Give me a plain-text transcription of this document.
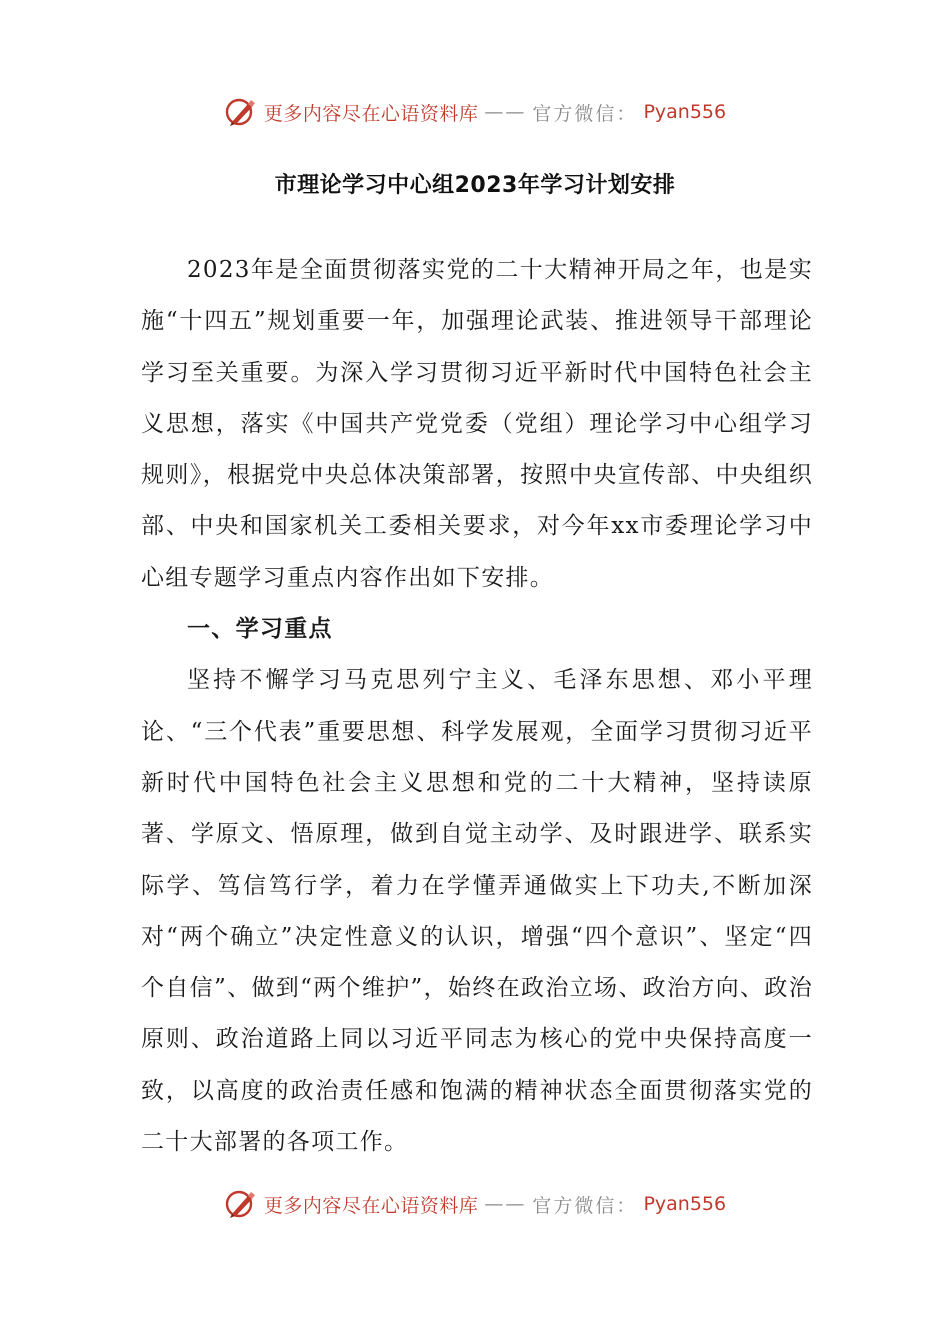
更多内容尽在心语资料库 —— 官方微信： Pyan556
市理论学习中心组2023年学习计划安排

2023年是全面贯彻落实党的二十大精神开局之年，也是实施“十四五”规划重要一年，加强理论武装、推进领导干部理论学习至关重要。为深入学习贯彻习近平新时代中国特色社会主义思想，落实《中国共产党党委（党组）理论学习中心组学习规则》，根据党中央总体决策部署，按照中央宣传部、中央组织部、中央和国家机关工委相关要求，对今年xx市委理论学习中心组专题学习重点内容作出如下安排。

一、学习重点

坚持不懈学习马克思列宁主义、毛泽东思想、邓小平理论、“三个代表”重要思想、科学发展观，全面学习贯彻习近平新时代中国特色社会主义思想和党的二十大精神，坚持读原著、学原文、悟原理，做到自觉主动学、及时跟进学、联系实际学、笃信笃行学，着力在学懂弄通做实上下功夫,不断加深对“两个确立”决定性意义的认识，增强“四个意识”、坚定“四个自信”、做到“两个维护”，始终在政治立场、政治方向、政治原则、政治道路上同以习近平同志为核心的党中央保持高度一致，以高度的政治责任感和饱满的精神状态全面贯彻落实党的二十大部署的各项工作。

更多内容尽在心语资料库 —— 官方微信： Pyan556
